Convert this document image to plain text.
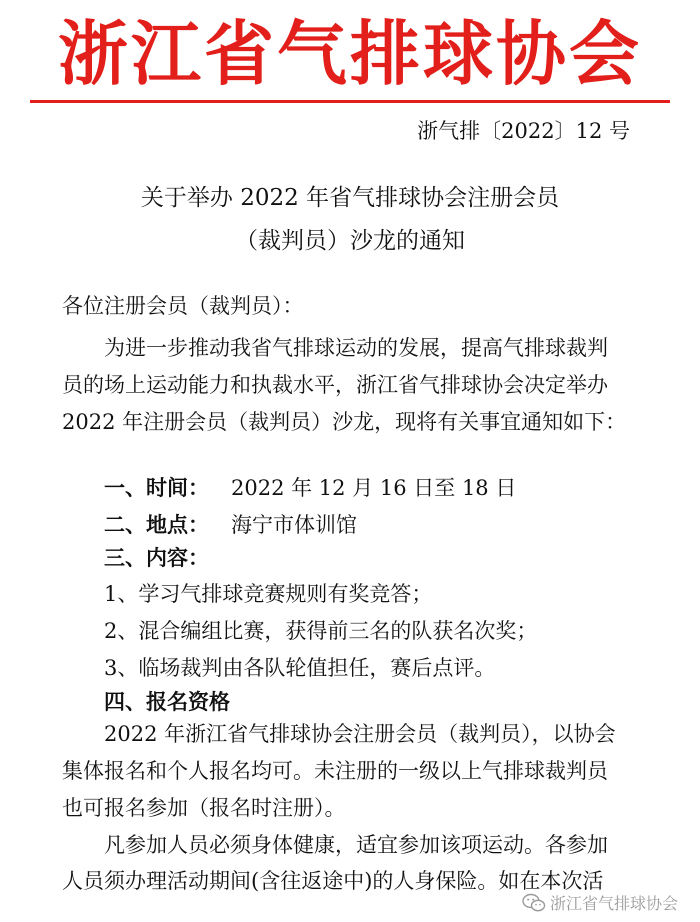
浙江省气排球协会
浙气排〔2022〕12 号
关于举办 2022 年省气排球协会注册会员
（裁判员）沙龙的通知
各位注册会员（裁判员）：
为进一步推动我省气排球运动的发展，提高气排球裁判
员的场上运动能力和执裁水平，浙江省气排球协会决定举办
2022 年注册会员（裁判员）沙龙，现将有关事宜通知如下：
一、时间： 2022 年 12 月 16 日至 18 日
二、地点： 海宁市体训馆
三、内容：
1、学习气排球竞赛规则有奖竞答；
2、混合编组比赛，获得前三名的队获名次奖；
3、临场裁判由各队轮值担任，赛后点评。
四、报名资格
2022 年浙江省气排球协会注册会员（裁判员），以协会
集体报名和个人报名均可。未注册的一级以上气排球裁判员
也可报名参加（报名时注册）。
凡参加人员必须身体健康，适宜参加该项运动。各参加
人员须办理活动期间(含往返途中)的人身保险。如在本次活
浙江省气排球协会
